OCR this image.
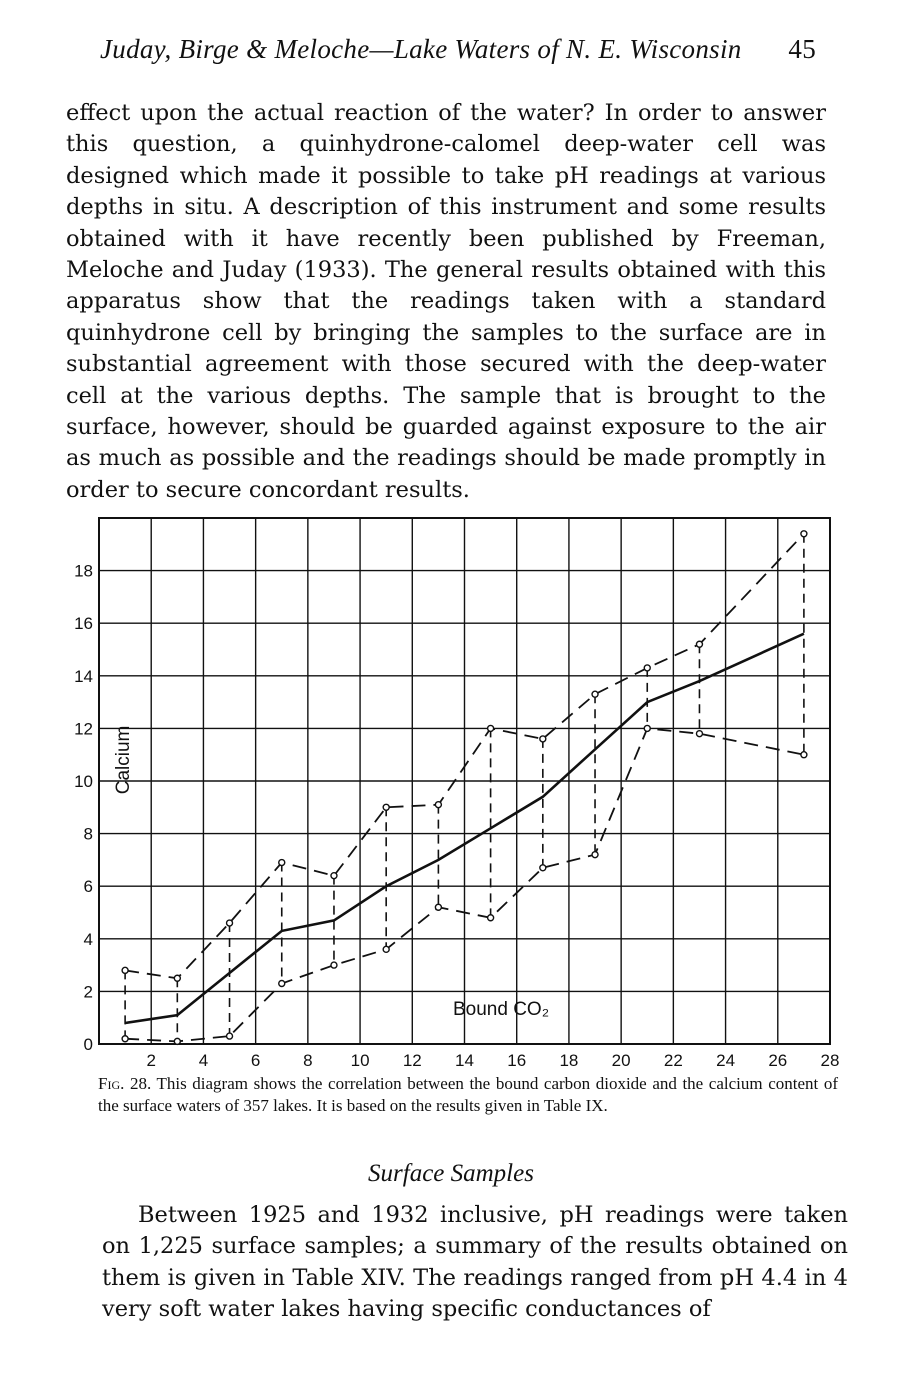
Juday, Birge & Meloche—Lake Waters of N. E. Wisconsin 45

effect upon the actual reaction of the water? In order to answer this question, a quinhydrone-calomel deep-water cell was designed which made it possible to take pH readings at various depths in situ. A description of this instrument and some results obtained with it have recently been published by Freeman, Meloche and Juday (1933). The general results obtained with this apparatus show that the readings taken with a standard quinhydrone cell by bringing the samples to the surface are in substantial agreement with those secured with the deep-water cell at the various depths. The sample that is brought to the surface, however, should be guarded against exposure to the air as much as possible and the readings should be made promptly in order to secure concordant results.

2	4	6	8 10 12 14 16 18 20 22 24 26 28
0
2
4
6
8
10
12
14
16
18
Bound CO₂
Calcium
Fig. 28. This diagram shows the correlation between the bound carbon dioxide and the calcium content of the surface waters of 357 lakes. It is based on the results given in Table IX.
Surface Samples

Between 1925 and 1932 inclusive, pH readings were taken on 1,225 surface samples; a summary of the results obtained on them is given in Table XIV. The readings ranged from pH 4.4 in 4 very soft water lakes having specific conductances of
